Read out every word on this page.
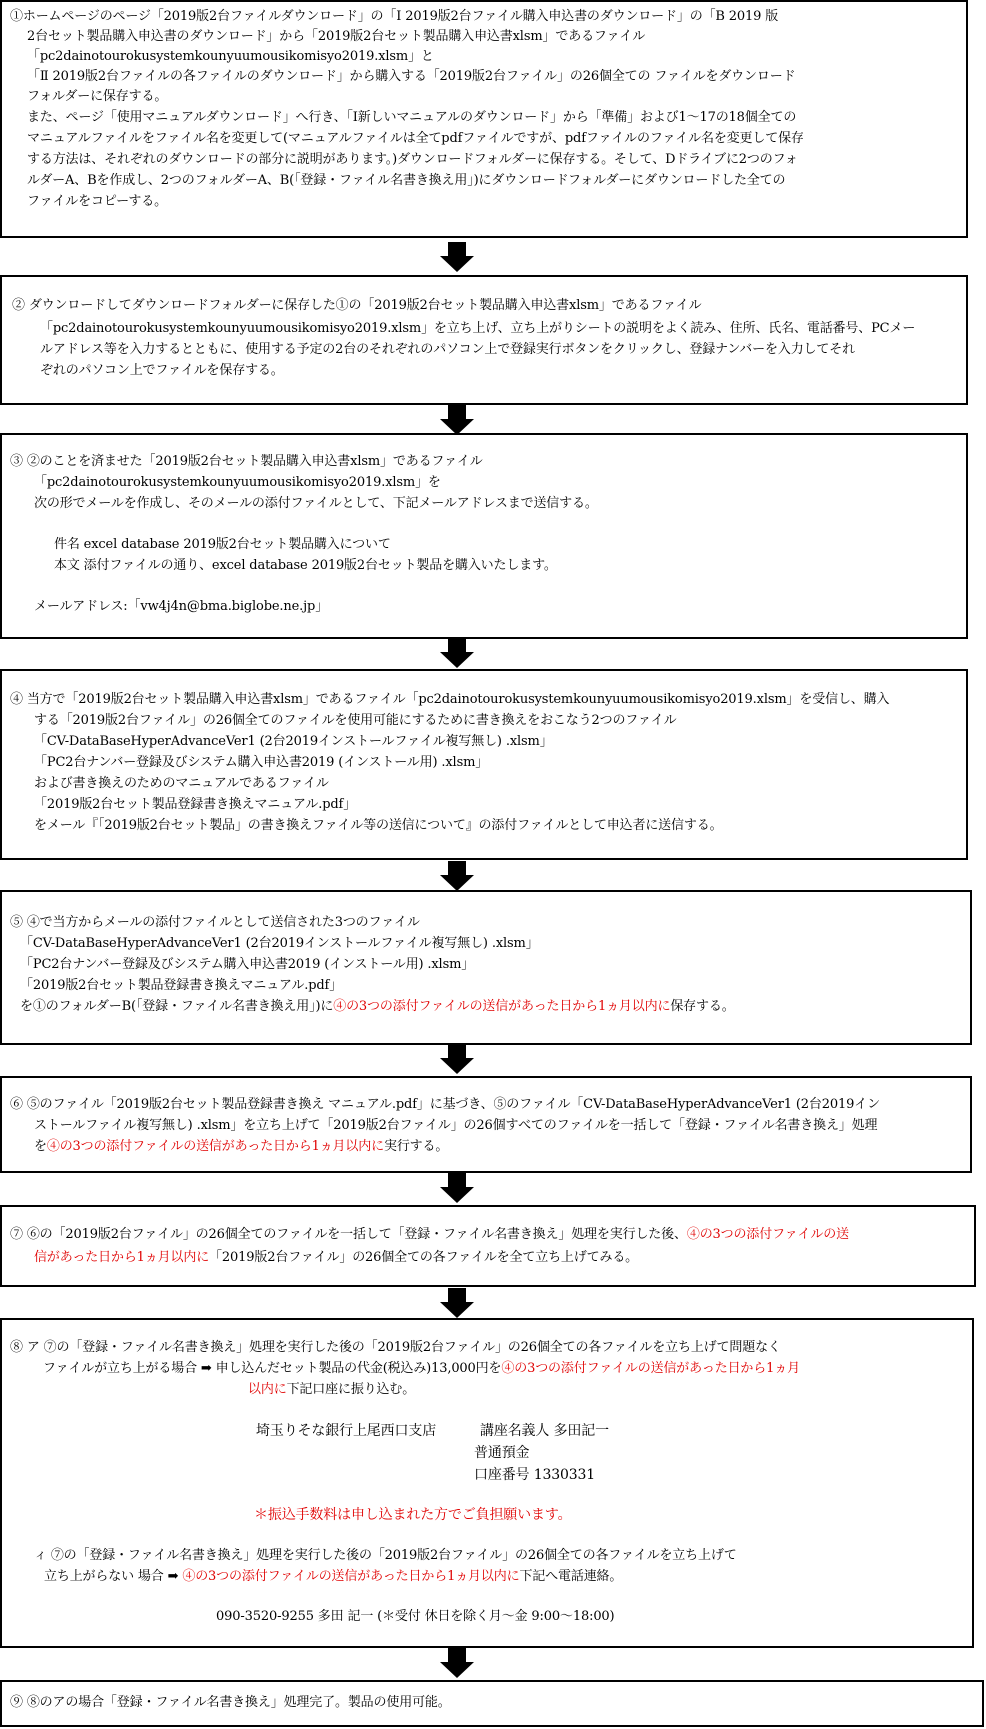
①ホームページのページ「2019版2台ファイルダウンロード」の「Ⅰ 2019版2台ファイル購入申込書のダウンロード」の「B 2019 版
2台セット製品購入申込書のダウンロード」から「2019版2台セット製品購入申込書xlsm」であるファイル
「pc2dainotourokusystemkounyuumousikomisyo2019.xlsm」と
「Ⅱ 2019版2台ファイルの各ファイルのダウンロード」から購入する「2019版2台ファイル」の26個全ての ファイルをダウンロード
フォルダーに保存する。
また、ページ「使用マニュアルダウンロード」へ行き、「Ⅰ新しいマニュアルのダウンロード」から「準備」および1～17の18個全ての
マニュアルファイルをファイル名を変更して(マニュアルファイルは全てpdfファイルですが、pdfファイルのファイル名を変更して保存
する方法は、それぞれのダウンロードの部分に説明があります。)ダウンロードフォルダーに保存する。そして、Dドライブに2つのフォ
ルダーA、Bを作成し、2つのフォルダーA、B(「登録・ファイル名書き換え用」)にダウンロードフォルダーにダウンロードした全ての
ファイルをコピーする。
② ダウンロードしてダウンロードフォルダーに保存した①の「2019版2台セット製品購入申込書xlsm」であるファイル
「pc2dainotourokusystemkounyuumousikomisyo2019.xlsm」を立ち上げ、立ち上がりシートの説明をよく読み、住所、氏名、電話番号、PCメー
ルアドレス等を入力するとともに、使用する予定の2台のそれぞれのパソコン上で登録実行ボタンをクリックし、登録ナンバーを入力してそれ
ぞれのパソコン上でファイルを保存する。
③ ②のことを済ませた「2019版2台セット製品購入申込書xlsm」であるファイル
「pc2dainotourokusystemkounyuumousikomisyo2019.xlsm」を
次の形でメールを作成し、そのメールの添付ファイルとして、下記メールアドレスまで送信する。
件名 excel database 2019版2台セット製品購入について
本文 添付ファイルの通り、excel database 2019版2台セット製品を購入いたします。
メールアドレス:「vw4j4n@bma.biglobe.ne.jp」
④ 当方で「2019版2台セット製品購入申込書xlsm」であるファイル「pc2dainotourokusystemkounyuumousikomisyo2019.xlsm」を受信し、購入
する「2019版2台ファイル」の26個全てのファイルを使用可能にするために書き換えをおこなう2つのファイル
「CV-DataBaseHyperAdvanceVer1 (2台2019インストールファイル複写無し) .xlsm」
「PC2台ナンバー登録及びシステム購入申込書2019 (インストール用) .xlsm」
および書き換えのためのマニュアルであるファイル
「2019版2台セット製品登録書き換えマニュアル.pdf」
をメール『「2019版2台セット製品」の書き換えファイル等の送信について』の添付ファイルとして申込者に送信する。
⑤ ④で当方からメールの添付ファイルとして送信された3つのファイル
「CV-DataBaseHyperAdvanceVer1 (2台2019インストールファイル複写無し) .xlsm」
「PC2台ナンバー登録及びシステム購入申込書2019 (インストール用) .xlsm」
「2019版2台セット製品登録書き換えマニュアル.pdf」
を①のフォルダーB(「登録・ファイル名書き換え用」)に④の3つの添付ファイルの送信があった日から1ヵ月以内に保存する。
⑥ ⑤のファイル「2019版2台セット製品登録書き換え マニュアル.pdf」に基づき、⑤のファイル「CV-DataBaseHyperAdvanceVer1 (2台2019イン
ストールファイル複写無し) .xlsm」を立ち上げて「2019版2台ファイル」の26個すべてのファイルを一括して「登録・ファイル名書き換え」処理
を④の3つの添付ファイルの送信があった日から1ヵ月以内に実行する。
⑦ ⑥の「2019版2台ファイル」の26個全てのファイルを一括して「登録・ファイル名書き換え」処理を実行した後、④の3つの添付ファイルの送
信があった日から1ヵ月以内に「2019版2台ファイル」の26個全ての各ファイルを全て立ち上げてみる。
⑧ ア ⑦の「登録・ファイル名書き換え」処理を実行した後の「2019版2台ファイル」の26個全ての各ファイルを立ち上げて問題なく
ファイルが立ち上がる場合 ➡ 申し込んだセット製品の代金(税込み)13,000円を④の3つの添付ファイルの送信があった日から1ヵ月
以内に下記口座に振り込む。
埼玉りそな銀行上尾西口支店	講座名義人 多田記一
普通預金
口座番号 1330331
＊振込手数料は申し込まれた方でご負担願います。
ィ ⑦の「登録・ファイル名書き換え」処理を実行した後の「2019版2台ファイル」の26個全ての各ファイルを立ち上げて
立ち上がらない 場合 ➡ ④の3つの添付ファイルの送信があった日から1ヵ月以内に下記へ電話連絡。
090-3520-9255 多田 記一 (＊受付 休日を除く月～金 9:00～18:00)
⑨ ⑧のアの場合「登録・ファイル名書き換え」処理完了。製品の使用可能。
